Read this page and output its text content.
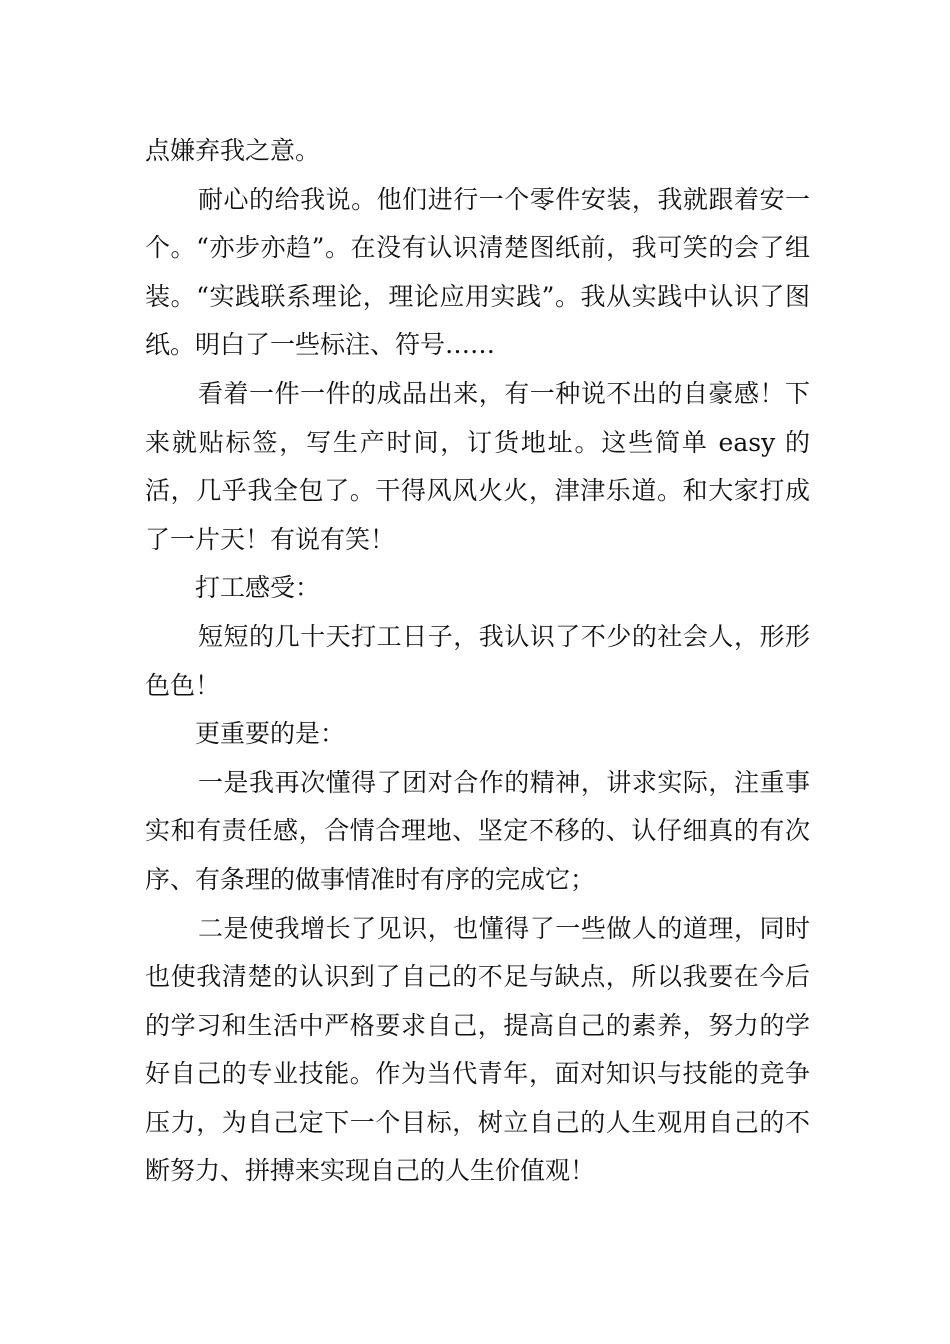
点嫌弃我之意。

耐心的给我说。他们进行一个零件安装，我就跟着安一个。“亦步亦趋”。在没有认识清楚图纸前，我可笑的会了组装。“实践联系理论，理论应用实践”。我从实践中认识了图纸。明白了一些标注、符号……

看着一件一件的成品出来，有一种说不出的自豪感！下来就贴标签，写生产时间，订货地址。这些简单 easy 的活，几乎我全包了。干得风风火火，津津乐道。和大家打成了一片天！有说有笑！

打工感受：

短短的几十天打工日子，我认识了不少的社会人，形形色色！

更重要的是：

一是我再次懂得了团对合作的精神，讲求实际，注重事实和有责任感，合情合理地、坚定不移的、认仔细真的有次序、有条理的做事情准时有序的完成它；

二是使我增长了见识，也懂得了一些做人的道理，同时也使我清楚的认识到了自己的不足与缺点，所以我要在今后的学习和生活中严格要求自己，提高自己的素养，努力的学好自己的专业技能。作为当代青年，面对知识与技能的竞争压力，为自己定下一个目标，树立自己的人生观用自己的不断努力、拼搏来实现自己的人生价值观！
